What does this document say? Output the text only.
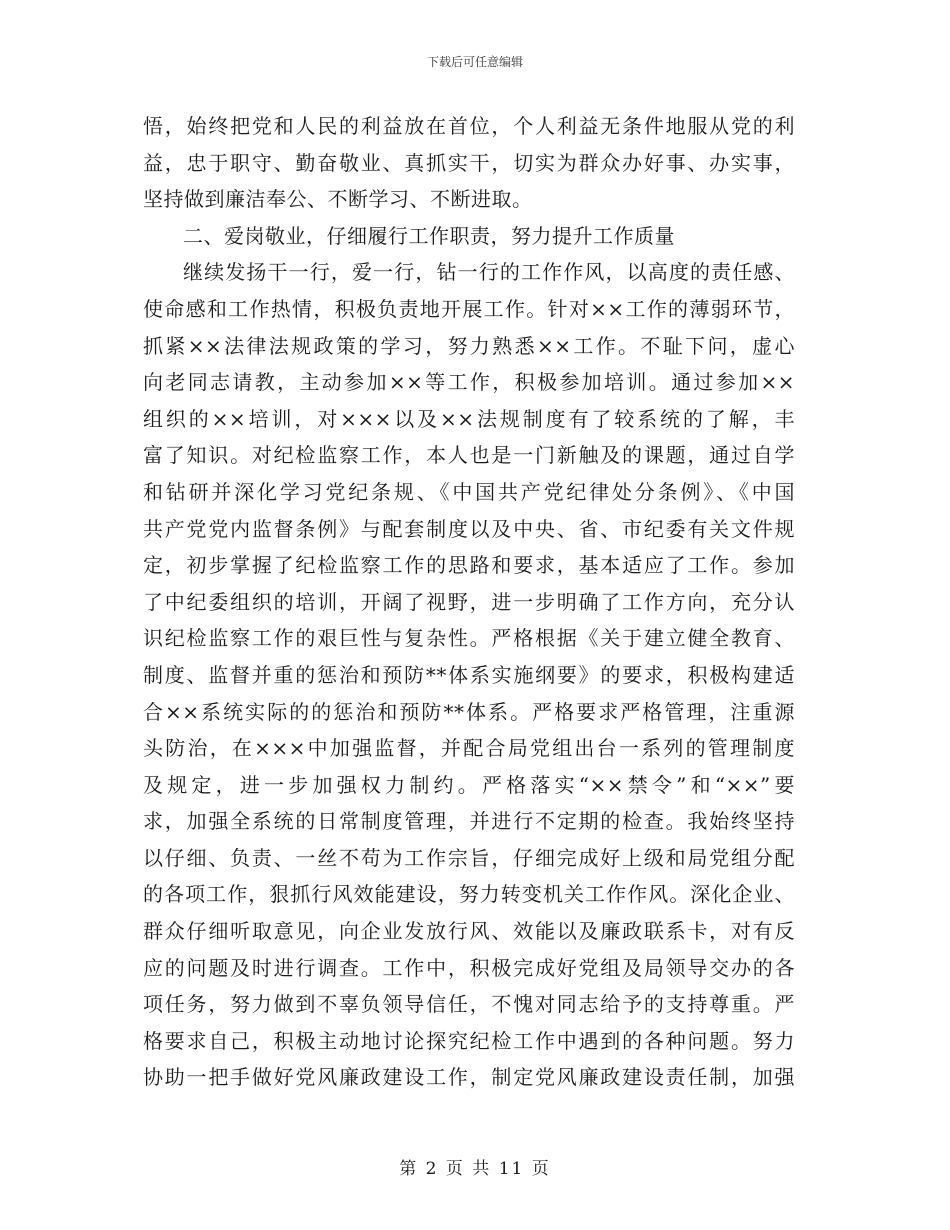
下载后可任意编辑
悟，始终把党和人民的利益放在首位，个人利益无条件地服从党的利
益，忠于职守、勤奋敬业、真抓实干，切实为群众办好事、办实事，
坚持做到廉洁奉公、不断学习、不断进取。
二、爱岗敬业，仔细履行工作职责，努力提升工作质量
继续发扬干一行，爱一行，钻一行的工作作风，以高度的责任感、
使命感和工作热情，积极负责地开展工作。针对××工作的薄弱环节，
抓紧××法律法规政策的学习，努力熟悉××工作。不耻下问，虚心
向老同志请教，主动参加××等工作，积极参加培训。通过参加××
组织的××培训，对×××以及××法规制度有了较系统的了解，丰
富了知识。对纪检监察工作，本人也是一门新触及的课题，通过自学
和钻研并深化学习党纪条规、《中国共产党纪律处分条例》、《中国
共产党党内监督条例》与配套制度以及中央、省、市纪委有关文件规
定，初步掌握了纪检监察工作的思路和要求，基本适应了工作。参加
了中纪委组织的培训，开阔了视野，进一步明确了工作方向，充分认
识纪检监察工作的艰巨性与复杂性。严格根据《关于建立健全教育、
制度、监督并重的惩治和预防**体系实施纲要》的要求，积极构建适
合××系统实际的的惩治和预防**体系。严格要求严格管理，注重源
头防治，在×××中加强监督，并配合局党组出台一系列的管理制度
及规定，进一步加强权力制约。严格落实“××禁令”和“××”要
求，加强全系统的日常制度管理，并进行不定期的检查。我始终坚持
以仔细、负责、一丝不苟为工作宗旨，仔细完成好上级和局党组分配
的各项工作，狠抓行风效能建设，努力转变机关工作作风。深化企业、
群众仔细听取意见，向企业发放行风、效能以及廉政联系卡，对有反
应的问题及时进行调查。工作中，积极完成好党组及局领导交办的各
项任务，努力做到不辜负领导信任，不愧对同志给予的支持尊重。严
格要求自己，积极主动地讨论探究纪检工作中遇到的各种问题。努力
协助一把手做好党风廉政建设工作，制定党风廉政建设责任制，加强
第 2 页 共 11 页
